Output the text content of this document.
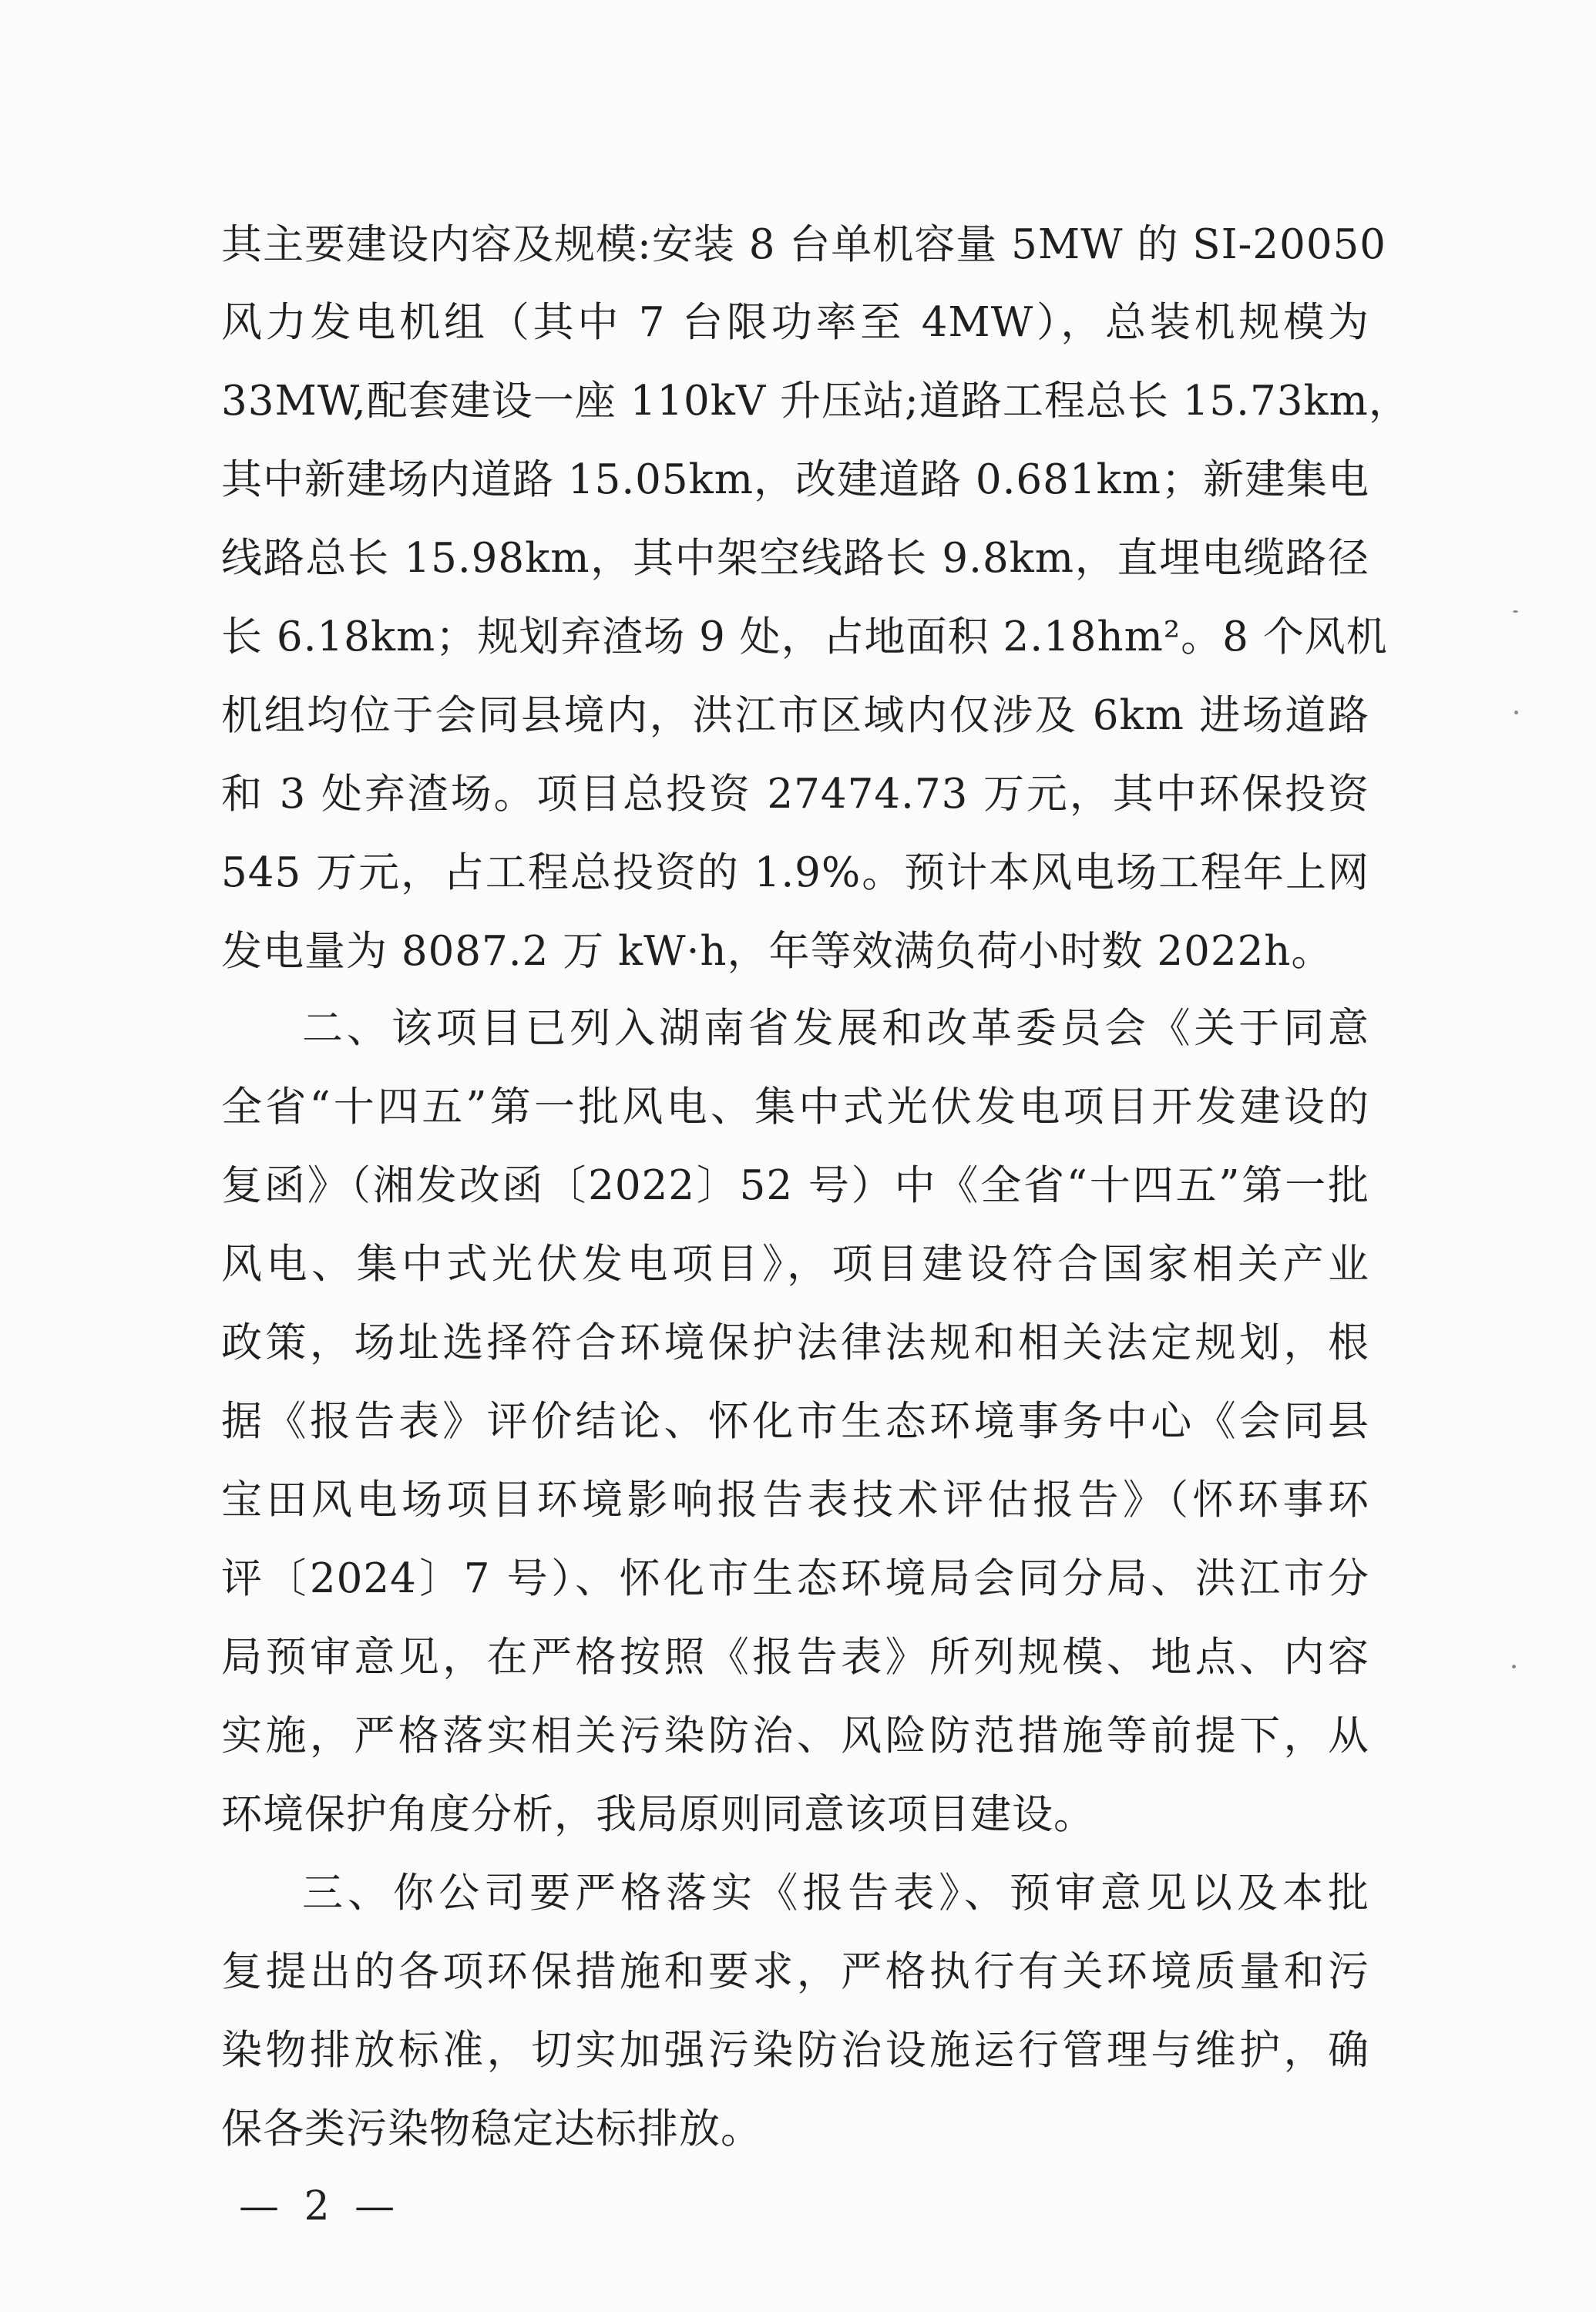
其主要建设内容及规模:安装 8 台单机容量 5MW 的 SI-20050
风力发电机组（其中 7 台限功率至 4MW），总装机规模为
33MW,配套建设一座 110kV 升压站;道路工程总长 15.73km，
其中新建场内道路 15.05km，改建道路 0.681km；新建集电
线路总长 15.98km，其中架空线路长 9.8km，直埋电缆路径
长 6.18km；规划弃渣场 9 处，占地面积 2.18hm²。8 个风机
机组均位于会同县境内，洪江市区域内仅涉及 6km 进场道路
和 3 处弃渣场。项目总投资 27474.73 万元，其中环保投资
545 万元，占工程总投资的 1.9%。预计本风电场工程年上网
发电量为 8087.2 万 kW·h，年等效满负荷小时数 2022h。
二、该项目已列入湖南省发展和改革委员会《关于同意
全省“十四五”第一批风电、集中式光伏发电项目开发建设的
复函》（湘发改函〔2022〕52 号）中《全省“十四五”第一批
风电、集中式光伏发电项目》，项目建设符合国家相关产业
政策，场址选择符合环境保护法律法规和相关法定规划，根
据《报告表》评价结论、怀化市生态环境事务中心《会同县
宝田风电场项目环境影响报告表技术评估报告》（怀环事环
评〔2024〕7 号）、怀化市生态环境局会同分局、洪江市分
局预审意见，在严格按照《报告表》所列规模、地点、内容
实施，严格落实相关污染防治、风险防范措施等前提下，从
环境保护角度分析，我局原则同意该项目建设。
三、你公司要严格落实《报告表》、预审意见以及本批
复提出的各项环保措施和要求，严格执行有关环境质量和污
染物排放标准，切实加强污染防治设施运行管理与维护，确
保各类污染物稳定达标排放。
— 2 —
